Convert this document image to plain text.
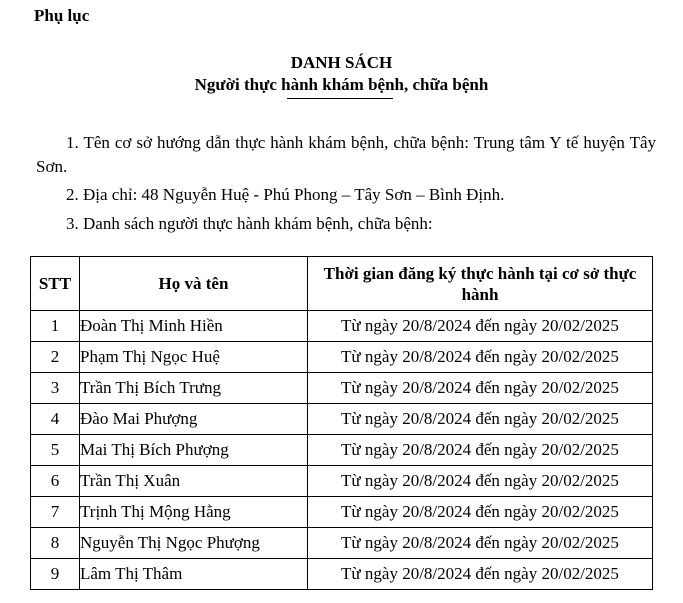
Phụ lục
DANH SÁCH
Người thực hành khám bệnh, chữa bệnh
1. Tên cơ sở hướng dẫn thực hành khám bệnh, chữa bệnh: Trung tâm Y tế huyện Tây Sơn.
2. Địa chỉ: 48 Nguyễn Huệ - Phú Phong – Tây Sơn – Bình Định.
3. Danh sách người thực hành khám bệnh, chữa bệnh:
STT	Họ và tên	Thời gian đăng ký thực hành tại cơ sở thực hành
1	Đoàn Thị Minh Hiền	Từ ngày 20/8/2024 đến ngày 20/02/2025
2	Phạm Thị Ngọc Huệ	Từ ngày 20/8/2024 đến ngày 20/02/2025
3	Trần Thị Bích Trưng	Từ ngày 20/8/2024 đến ngày 20/02/2025
4	Đào Mai Phượng	Từ ngày 20/8/2024 đến ngày 20/02/2025
5	Mai Thị Bích Phượng	Từ ngày 20/8/2024 đến ngày 20/02/2025
6	Trần Thị Xuân	Từ ngày 20/8/2024 đến ngày 20/02/2025
7	Trịnh Thị Mộng Hằng	Từ ngày 20/8/2024 đến ngày 20/02/2025
8	Nguyễn Thị Ngọc Phượng	Từ ngày 20/8/2024 đến ngày 20/02/2025
9	Lâm Thị Thâm	Từ ngày 20/8/2024 đến ngày 20/02/2025
